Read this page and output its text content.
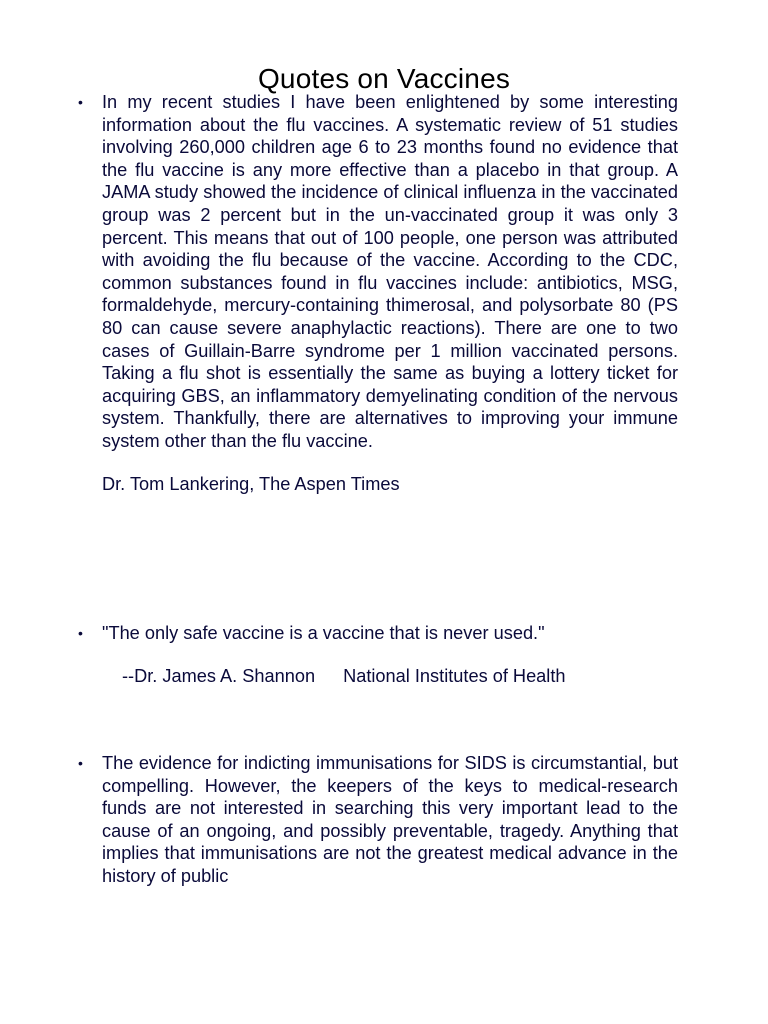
Quotes on Vaccines
• In my recent studies I have been enlightened by some interesting information about the flu vaccines. A systematic review of 51 studies involving 260,000 children age 6 to 23 months found no evidence that the flu vaccine is any more effective than a placebo in that group. A JAMA study showed the incidence of clinical influenza in the vaccinated group was 2 percent but in the un-vaccinated group it was only 3 percent. This means that out of 100 people, one person was attributed with avoiding the flu because of the vaccine. According to the CDC, common substances found in flu vaccines include: antibiotics, MSG, formaldehyde, mercury-containing thimerosal, and polysorbate 80 (PS 80 can cause severe anaphylactic reactions). There are one to two cases of Guillain-Barre syndrome per 1 million vaccinated persons. Taking a flu shot is essentially the same as buying a lottery ticket for acquiring GBS, an inflammatory demyelinating condition of the nervous system. Thankfully, there are alternatives to improving your immune system other than the flu vaccine.

Dr. Tom Lankering, The Aspen Times

• "The only safe vaccine is a vaccine that is never used."

--Dr. James A. Shannon National Institutes of Health
• The evidence for indicting immunisations for SIDS is circumstantial, but compelling. However, the keepers of the keys to medical-research funds are not interested in searching this very important lead to the cause of an ongoing, and possibly preventable, tragedy. Anything that implies that immunisations are not the greatest medical advance in the history of public
